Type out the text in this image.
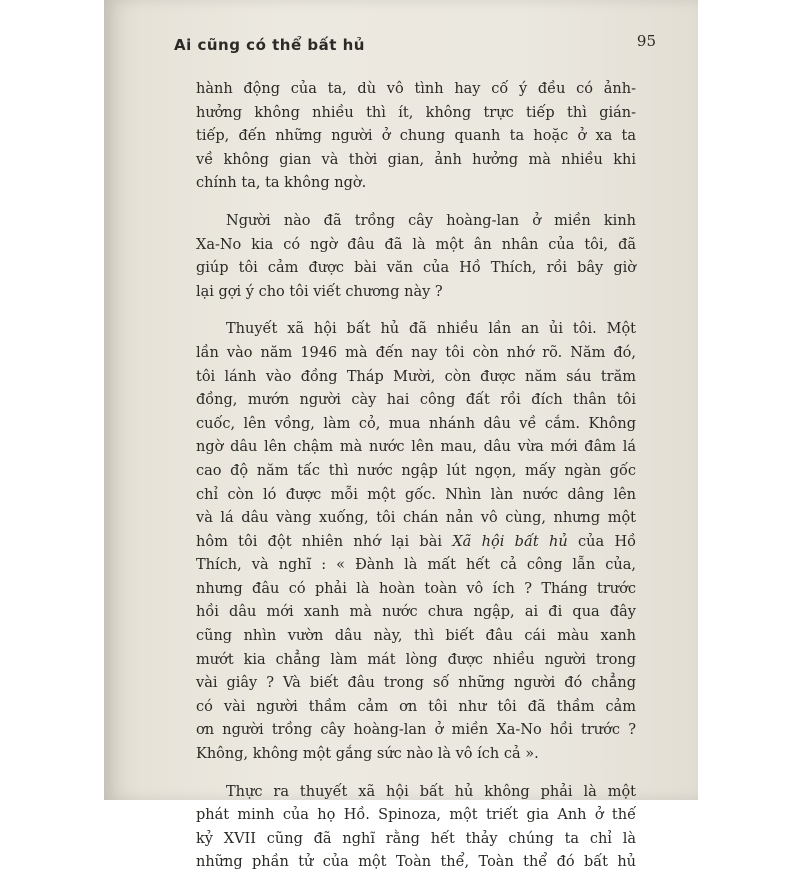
Ai cũng có thể bất hủ	95
hành động của ta, dù vô tình hay cố ý đều có ảnh-
hưởng không nhiều thì ít, không trực tiếp thì gián-
tiếp, đến những người ở chung quanh ta hoặc ở xa ta
về không gian và thời gian, ảnh hưởng mà nhiều khi
chính ta, ta không ngờ.
Người nào đã trồng cây hoàng-lan ở miền kinh
Xa-No kia có ngờ đâu đã là một ân nhân của tôi, đã
giúp tôi cảm được bài văn của Hồ Thích, rồi bây giờ
lại gợi ý cho tôi viết chương này ?
Thuyết xã hội bất hủ đã nhiều lần an ủi tôi. Một
lần vào năm 1946 mà đến nay tôi còn nhớ rõ. Năm đó,
tôi lánh vào đồng Tháp Mười, còn được năm sáu trăm
đồng, mướn người cày hai công đất rồi đích thân tôi
cuốc, lên vồng, làm cỏ, mua nhánh dâu về cắm. Không
ngờ dâu lên chậm mà nước lên mau, dâu vừa mới đâm lá
cao độ năm tấc thì nước ngập lút ngọn, mấy ngàn gốc
chỉ còn ló được mỗi một gốc. Nhìn làn nước dâng lên
và lá dâu vàng xuống, tôi chán nản vô cùng, nhưng một
hôm tôi đột nhiên nhớ lại bài Xã hội bất hủ của Hồ
Thích, và nghĩ : « Đành là mất hết cả công lẫn của,
nhưng đâu có phải là hoàn toàn vô ích ? Tháng trước
hồi dâu mới xanh mà nước chưa ngập, ai đi qua đây
cũng nhìn vườn dâu này, thì biết đâu cái màu xanh
mướt kia chẳng làm mát lòng được nhiều người trong
vài giây ? Và biết đâu trong số những người đó chẳng
có vài người thầm cảm ơn tôi như tôi đã thầm cảm
ơn người trồng cây hoàng-lan ở miền Xa-No hồi trước ?
Không, không một gắng sức nào là vô ích cả ».
Thực ra thuyết xã hội bất hủ không phải là một
phát minh của họ Hồ. Spinoza, một triết gia Anh ở thế
kỷ XVII cũng đã nghĩ rằng hết thảy chúng ta chỉ là
những phần tử của một Toàn thể, Toàn thể đó bất hủ
